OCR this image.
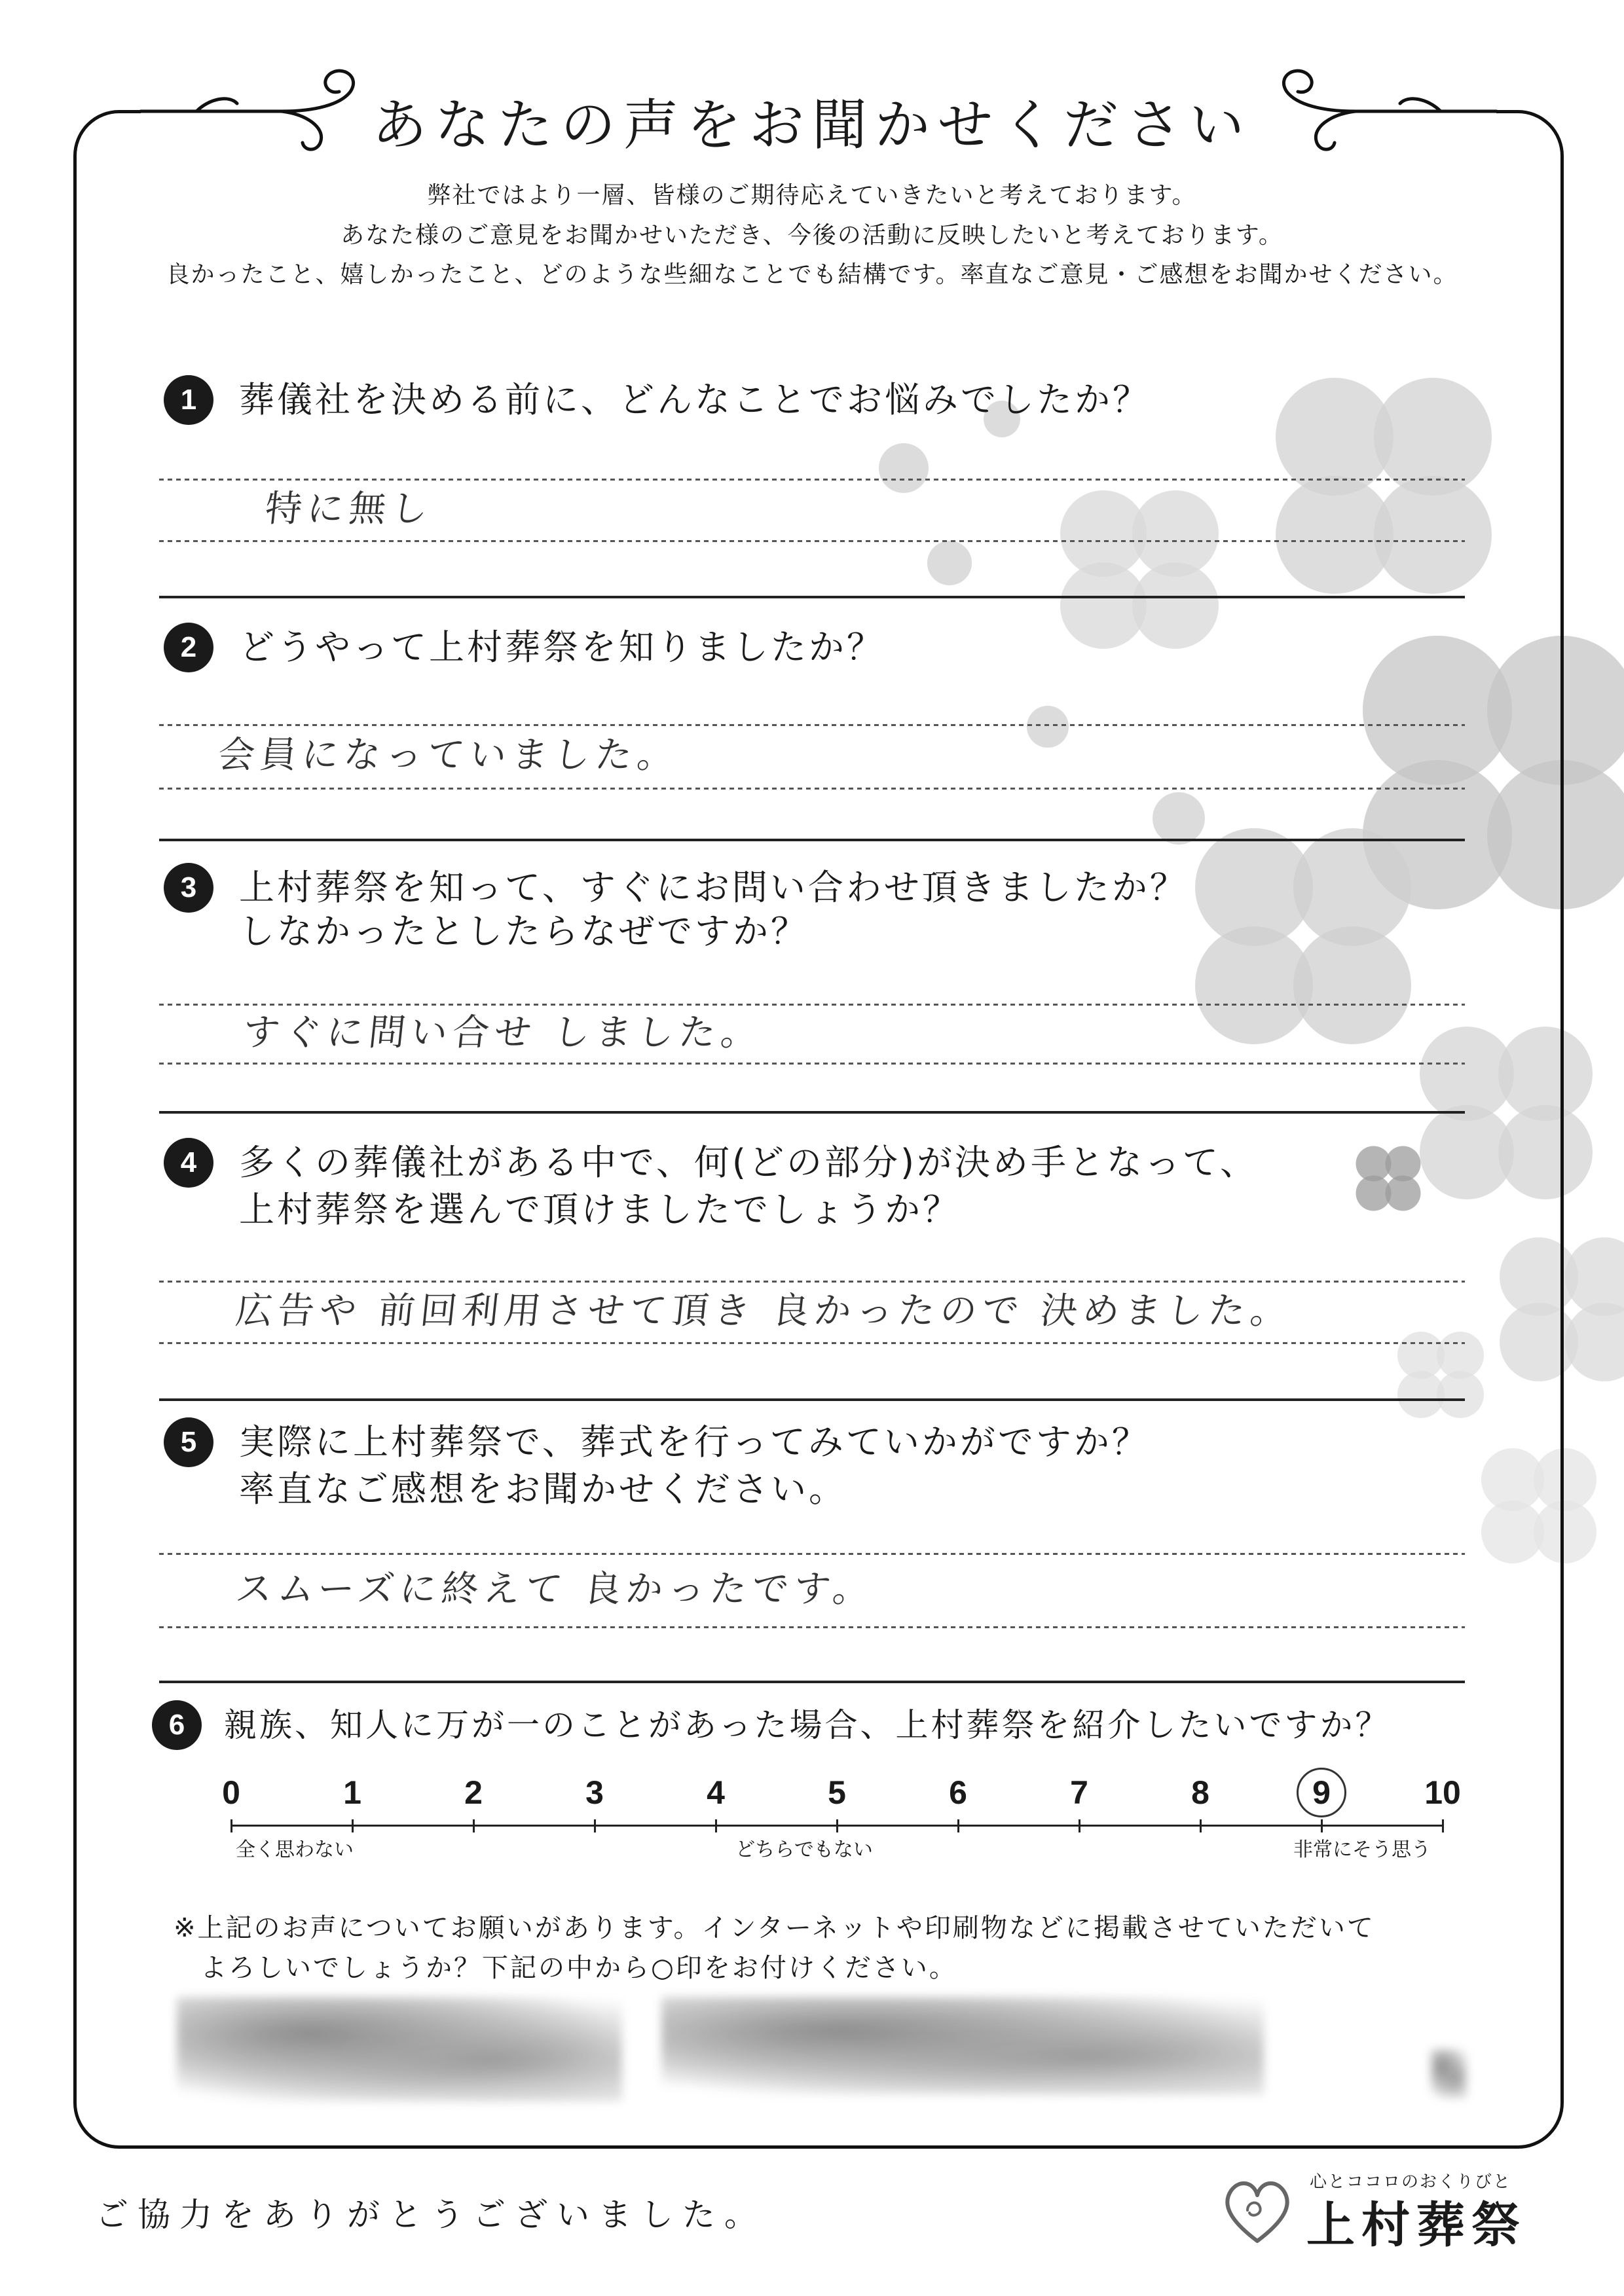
あなたの声をお聞かせください
弊社ではより一層、皆様のご期待応えていきたいと考えております。
あなた様のご意見をお聞かせいただき、今後の活動に反映したいと考えております。
良かったこと、嬉しかったこと、どのような些細なことでも結構です。率直なご意見・ご感想をお聞かせください。
1	葬儀社を決める前に、どんなことでお悩みでしたか？
特に無し
2	どうやって上村葬祭を知りましたか？
会員になっていました。
3	上村葬祭を知って、すぐにお問い合わせ頂きましたか？
しなかったとしたらなぜですか？
すぐに問い合せ しました。
4	多くの葬儀社がある中で、何(どの部分)が決め手となって、
上村葬祭を選んで頂けましたでしょうか？
広告や 前回利用させて頂き 良かったので 決めました。
5	実際に上村葬祭で、葬式を行ってみていかがですか？
率直なご感想をお聞かせください。
スムーズに終えて 良かったです。
6	親族、知人に万が一のことがあった場合、上村葬祭を紹介したいですか？
0	1	2	3	4	5	6	7	8	9	10
全く思わない	どちらでもない	非常にそう思う
※上記のお声についてお願いがあります。インターネットや印刷物などに掲載させていただいて
よろしいでしょうか？下記の中から○印をお付けください。
ご協力をありがとうございました。
心とココロのおくりびと
上村葬祭
